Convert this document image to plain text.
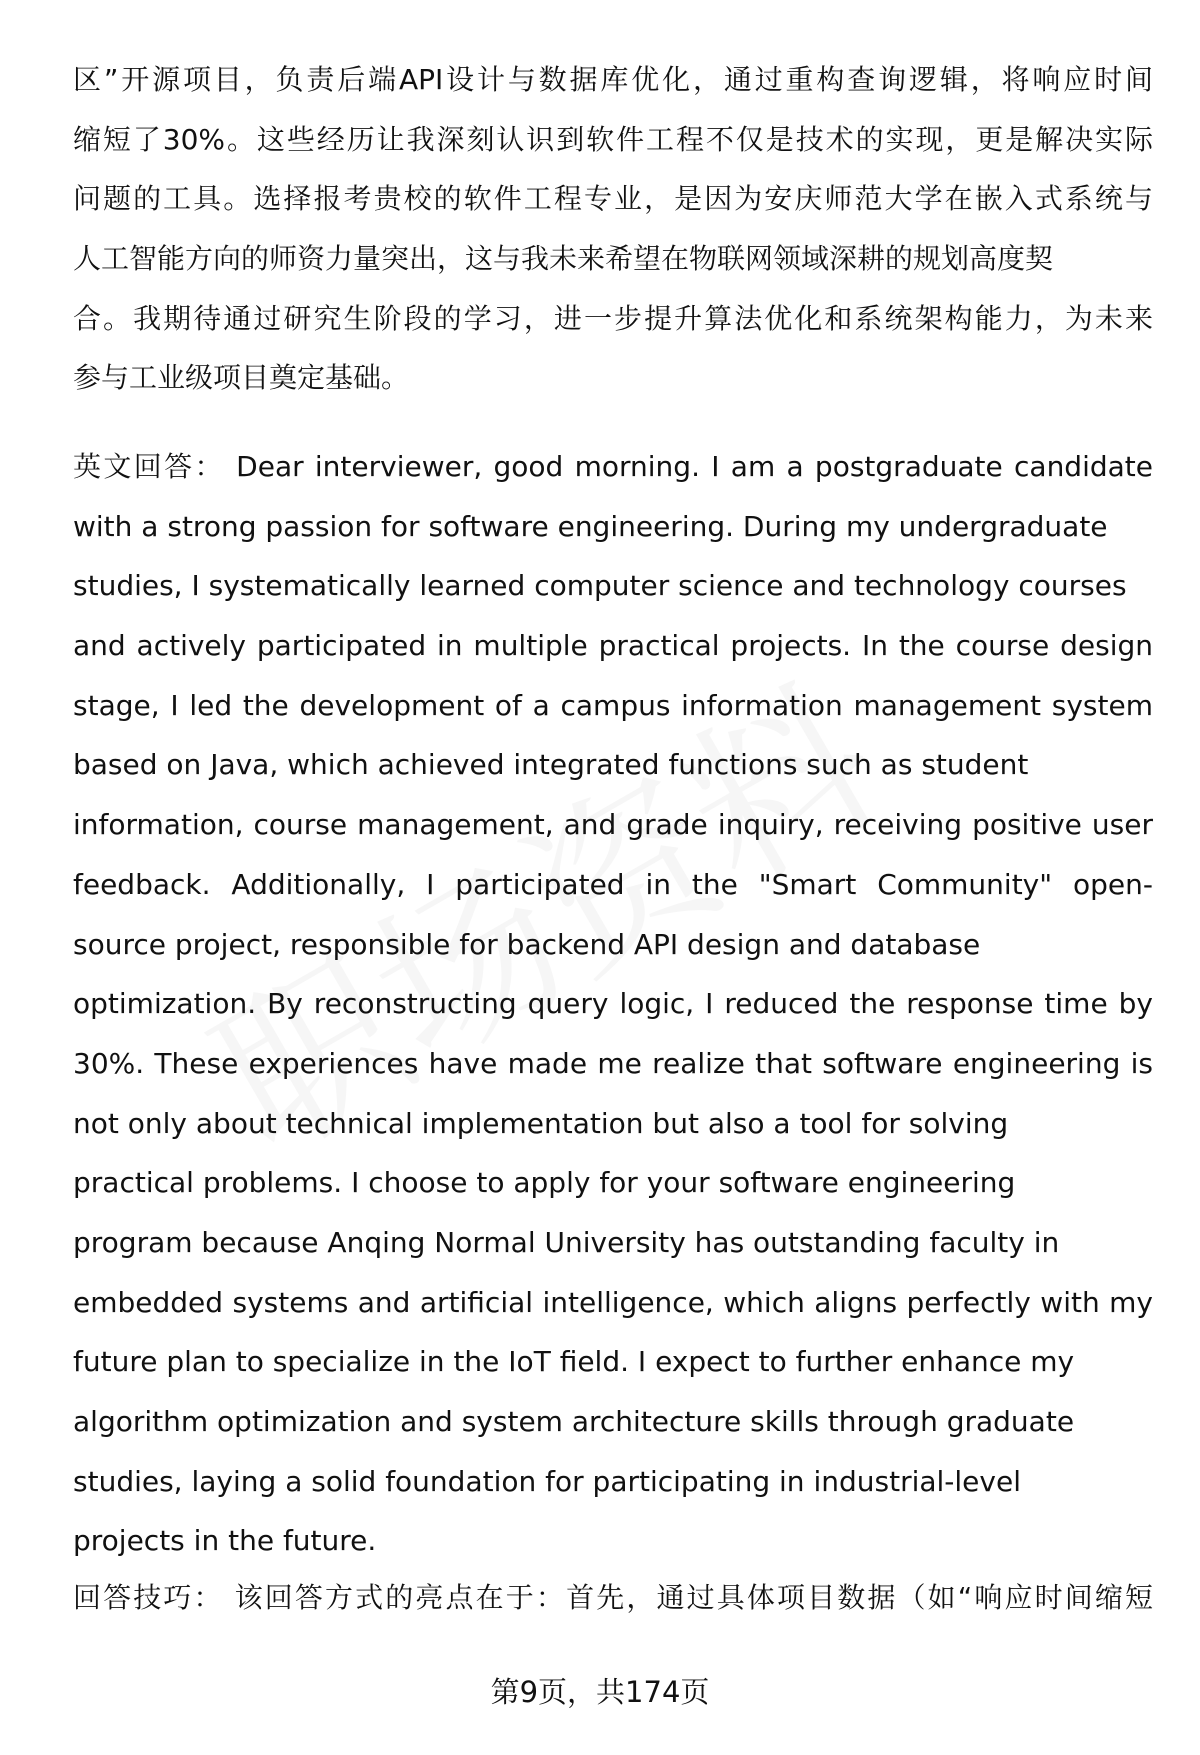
区”开源项目，负责后端API设计与数据库优化，通过重构查询逻辑，将响应时间
缩短了30%。这些经历让我深刻认识到软件工程不仅是技术的实现，更是解决实际
问题的工具。选择报考贵校的软件工程专业，是因为安庆师范大学在嵌入式系统与
人工智能方向的师资力量突出，这与我未来希望在物联网领域深耕的规划高度契
合。我期待通过研究生阶段的学习，进一步提升算法优化和系统架构能力，为未来
参与工业级项目奠定基础。
英文回答： Dear interviewer, good morning. I am a postgraduate candidate
with a strong passion for software engineering. During my undergraduate
studies, I systematically learned computer science and technology courses
and actively participated in multiple practical projects. In the course design
stage, I led the development of a campus information management system
based on Java, which achieved integrated functions such as student
information, course management, and grade inquiry, receiving positive user
feedback. Additionally, I participated in the "Smart Community" open-
source project, responsible for backend API design and database
optimization. By reconstructing query logic, I reduced the response time by
30%. These experiences have made me realize that software engineering is
not only about technical implementation but also a tool for solving
practical problems. I choose to apply for your software engineering
program because Anqing Normal University has outstanding faculty in
embedded systems and artificial intelligence, which aligns perfectly with my
future plan to specialize in the IoT field. I expect to further enhance my
algorithm optimization and system architecture skills through graduate
studies, laying a solid foundation for participating in industrial-level
projects in the future.
回答技巧： 该回答方式的亮点在于：首先，通过具体项目数据（如“响应时间缩短
第9页，共174页
